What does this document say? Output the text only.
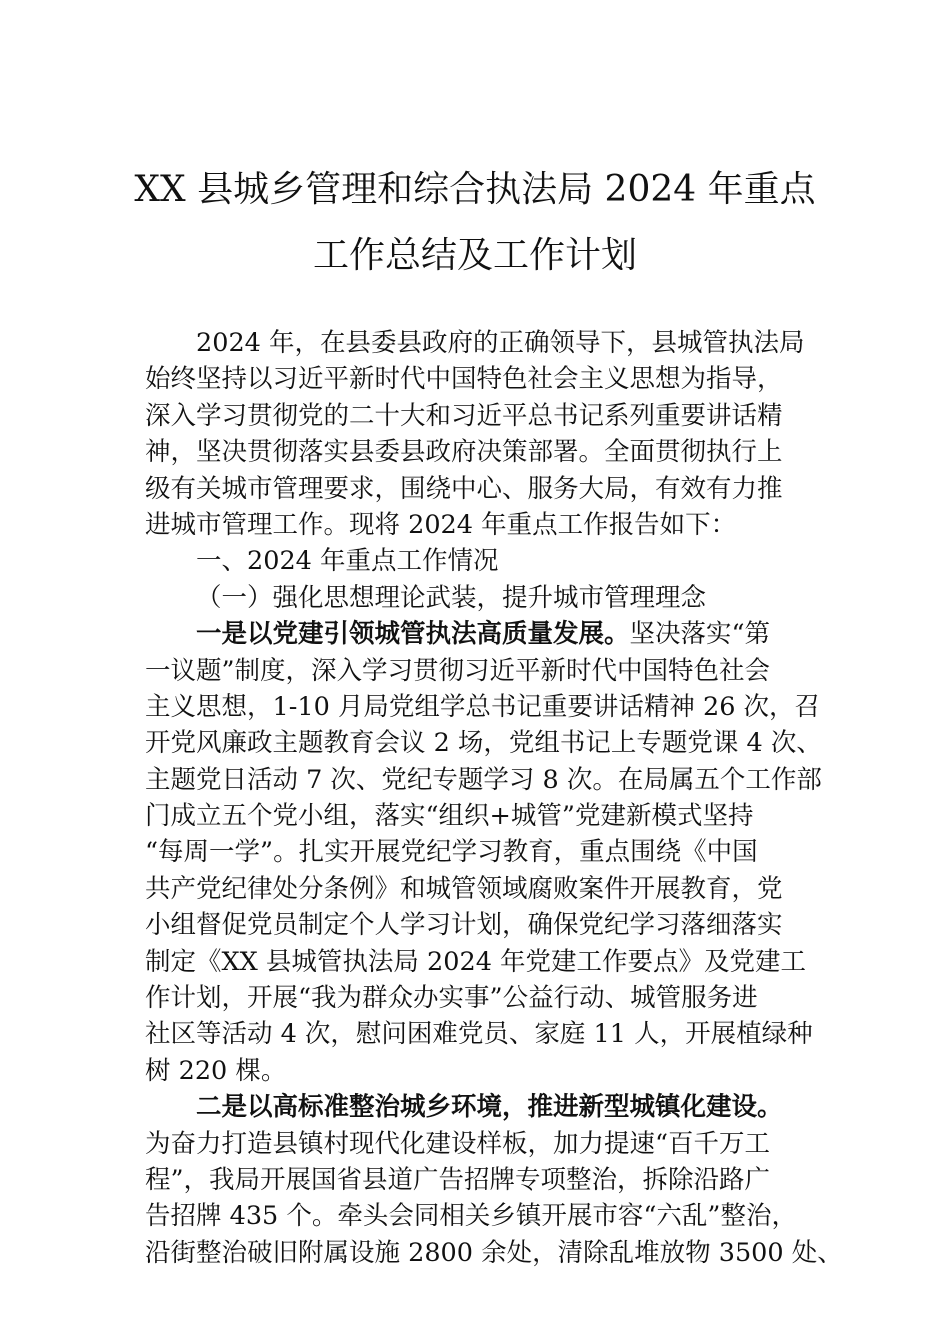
XX 县城乡管理和综合执法局 2024 年重点
工作总结及工作计划
2024 年，在县委县政府的正确领导下，县城管执法局
始终坚持以习近平新时代中国特色社会主义思想为指导，
深入学习贯彻党的二十大和习近平总书记系列重要讲话精
神，坚决贯彻落实县委县政府决策部署。全面贯彻执行上
级有关城市管理要求，围绕中心、服务大局，有效有力推
进城市管理工作。现将 2024 年重点工作报告如下：
一、2024 年重点工作情况
（一）强化思想理论武装，提升城市管理理念
一是以党建引领城管执法高质量发展。坚决落实“第
一议题”制度，深入学习贯彻习近平新时代中国特色社会
主义思想，1-10 月局党组学总书记重要讲话精神 26 次，召
开党风廉政主题教育会议 2 场，党组书记上专题党课 4 次、
主题党日活动 7 次、党纪专题学习 8 次。在局属五个工作部
门成立五个党小组，落实“组织+城管”党建新模式坚持
“每周一学”。扎实开展党纪学习教育，重点围绕《中国
共产党纪律处分条例》和城管领域腐败案件开展教育，党
小组督促党员制定个人学习计划，确保党纪学习落细落实
制定《XX 县城管执法局 2024 年党建工作要点》及党建工
作计划，开展“我为群众办实事”公益行动、城管服务进
社区等活动 4 次，慰问困难党员、家庭 11 人，开展植绿种
树 220 棵。
二是以高标准整治城乡环境，推进新型城镇化建设。
为奋力打造县镇村现代化建设样板，加力提速“百千万工
程”，我局开展国省县道广告招牌专项整治，拆除沿路广
告招牌 435 个。牵头会同相关乡镇开展市容“六乱”整治，
沿街整治破旧附属设施 2800 余处，清除乱堆放物 3500 处、
